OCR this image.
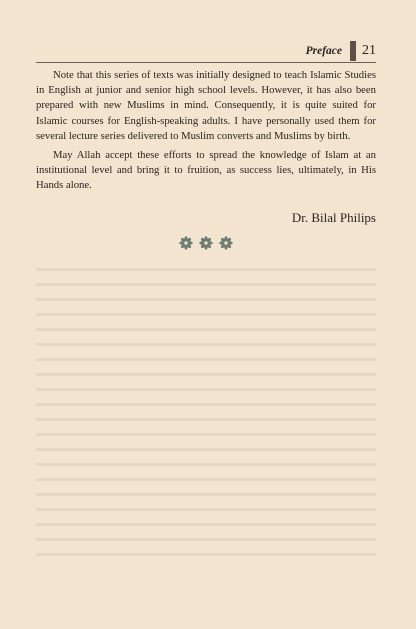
Preface 21

Note that this series of texts was initially designed to teach Islamic Studies in English at junior and senior high school levels. However, it has also been prepared with new Muslims in mind. Consequently, it is quite suited for Islamic courses for English-speaking adults. I have personally used them for several lecture series delivered to Muslim converts and Muslims by birth.

May Allah accept these efforts to spread the knowledge of Islam at an institutional level and bring it to fruition, as success lies, ultimately, in His Hands alone.

Dr. Bilal Philips
